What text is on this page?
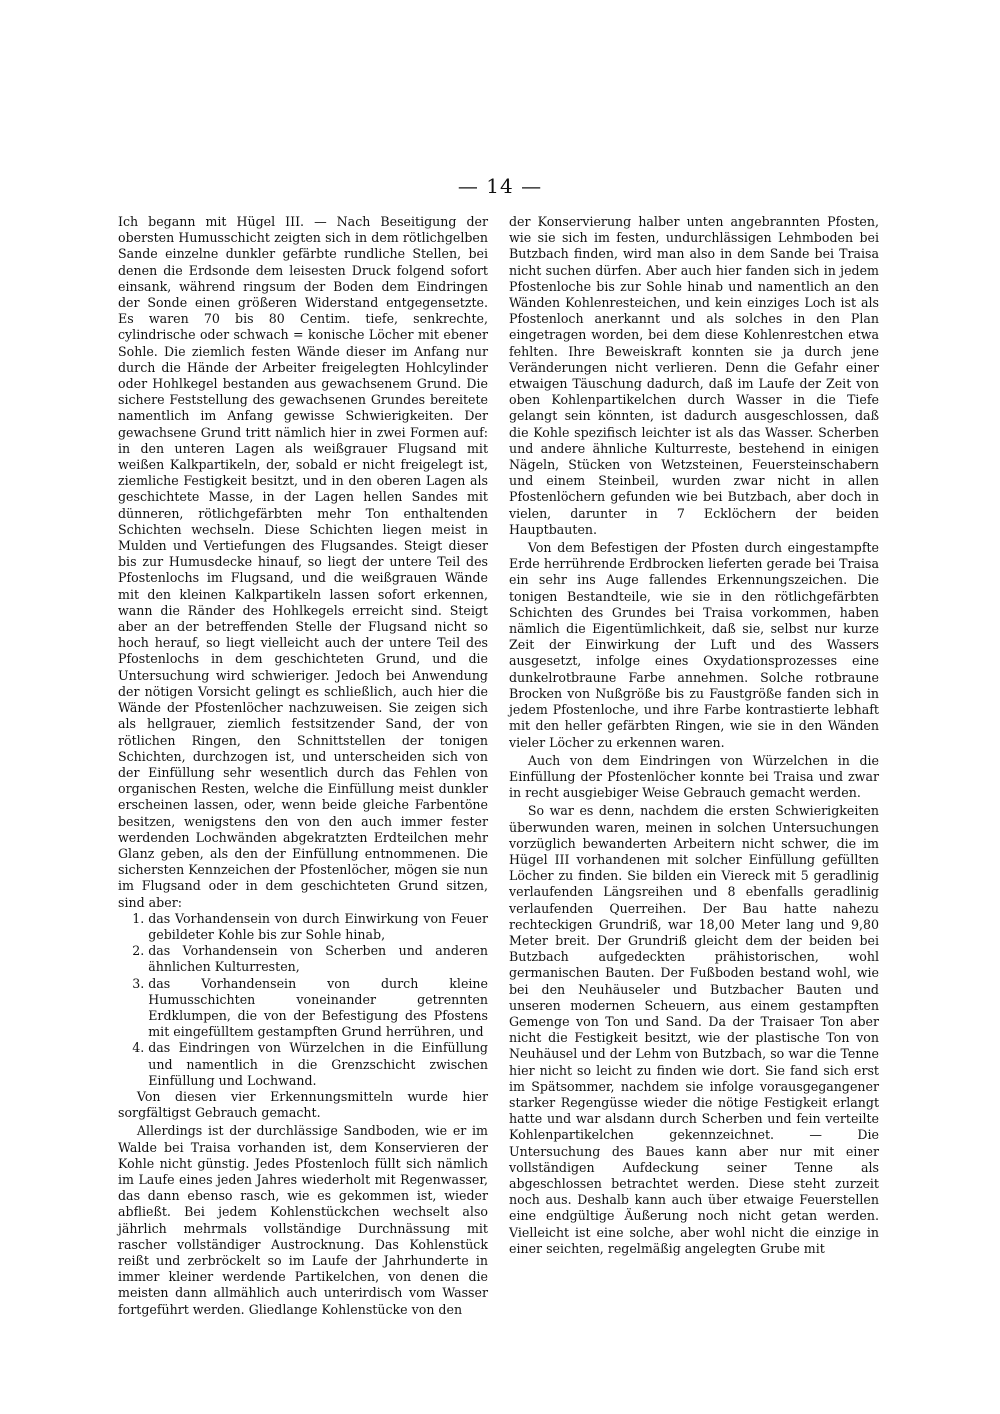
— 14 —

Ich begann mit Hügel III. — Nach Beseitigung der obersten Humusschicht zeigten sich in dem rötlichgelben Sande einzelne dunkler gefärbte rundliche Stellen, bei denen die Erdsonde dem leisesten Druck folgend sofort einsank, während ringsum der Boden dem Eindringen der Sonde einen größeren Widerstand entgegensetzte. Es waren 70 bis 80 Centim. tiefe, senkrechte, cylindrische oder schwach = konische Löcher mit ebener Sohle. Die ziemlich festen Wände dieser im Anfang nur durch die Hände der Arbeiter freigelegten Hohlcylinder oder Hohlkegel bestanden aus gewachsenem Grund. Die sichere Feststellung des gewachsenen Grundes bereitete namentlich im Anfang gewisse Schwierigkeiten. Der gewachsene Grund tritt nämlich hier in zwei Formen auf: in den unteren Lagen als weißgrauer Flugsand mit weißen Kalkpartikeln, der, sobald er nicht freigelegt ist, ziemliche Festigkeit besitzt, und in den oberen Lagen als geschichtete Masse, in der Lagen hellen Sandes mit dünneren, rötlichgefärbten mehr Ton enthaltenden Schichten wechseln. Diese Schichten liegen meist in Mulden und Vertiefungen des Flugsandes. Steigt dieser bis zur Humusdecke hinauf, so liegt der untere Teil des Pfostenlochs im Flugsand, und die weißgrauen Wände mit den kleinen Kalkpartikeln lassen sofort erkennen, wann die Ränder des Hohlkegels erreicht sind. Steigt aber an der betreffenden Stelle der Flugsand nicht so hoch herauf, so liegt vielleicht auch der untere Teil des Pfostenlochs in dem geschichteten Grund, und die Untersuchung wird schwieriger. Jedoch bei Anwendung der nötigen Vorsicht gelingt es schließlich, auch hier die Wände der Pfostenlöcher nachzuweisen. Sie zeigen sich als hellgrauer, ziemlich festsitzender Sand, der von rötlichen Ringen, den Schnittstellen der tonigen Schichten, durchzogen ist, und unterscheiden sich von der Einfüllung sehr wesentlich durch das Fehlen von organischen Resten, welche die Einfüllung meist dunkler erscheinen lassen, oder, wenn beide gleiche Farbentöne besitzen, wenigstens den von den auch immer fester werdenden Lochwänden abgekratzten Erdteilchen mehr Glanz geben, als den der Einfüllung entnommenen. Die sichersten Kennzeichen der Pfostenlöcher, mögen sie nun im Flugsand oder in dem geschichteten Grund sitzen, sind aber:

1. das Vorhandensein von durch Einwirkung von Feuer gebildeter Kohle bis zur Sohle hinab,
2. das Vorhandensein von Scherben und anderen ähnlichen Kulturresten,
3. das Vorhandensein von durch kleine Humusschichten voneinander getrennten Erdklumpen, die von der Befestigung des Pfostens mit eingefülltem gestampften Grund herrühren, und
4. das Eindringen von Würzelchen in die Einfüllung und namentlich in die Grenzschicht zwischen Einfüllung und Lochwand.

Von diesen vier Erkennungsmitteln wurde hier sorgfältigst Gebrauch gemacht.

Allerdings ist der durchlässige Sandboden, wie er im Walde bei Traisa vorhanden ist, dem Konservieren der Kohle nicht günstig. Jedes Pfostenloch füllt sich nämlich im Laufe eines jeden Jahres wiederholt mit Regenwasser, das dann ebenso rasch, wie es gekommen ist, wieder abfließt. Bei jedem Kohlenstückchen wechselt also jährlich mehrmals vollständige Durchnässung mit rascher vollständiger Austrocknung. Das Kohlenstück reißt und zerbröckelt so im Laufe der Jahrhunderte in immer kleiner werdende Partikelchen, von denen die meisten dann allmählich auch unterirdisch vom Wasser fortgeführt werden. Gliedlange Kohlenstücke von den

der Konservierung halber unten angebrannten Pfosten, wie sie sich im festen, undurchlässigen Lehmboden bei Butzbach finden, wird man also in dem Sande bei Traisa nicht suchen dürfen. Aber auch hier fanden sich in jedem Pfostenloche bis zur Sohle hinab und namentlich an den Wänden Kohlenresteichen, und kein einziges Loch ist als Pfostenloch anerkannt und als solches in den Plan eingetragen worden, bei dem diese Kohlenrestchen etwa fehlten. Ihre Beweiskraft konnten sie ja durch jene Veränderungen nicht verlieren. Denn die Gefahr einer etwaigen Täuschung dadurch, daß im Laufe der Zeit von oben Kohlenpartikelchen durch Wasser in die Tiefe gelangt sein könnten, ist dadurch ausgeschlossen, daß die Kohle spezifisch leichter ist als das Wasser. Scherben und andere ähnliche Kulturreste, bestehend in einigen Nägeln, Stücken von Wetzsteinen, Feuersteinschabern und einem Steinbeil, wurden zwar nicht in allen Pfostenlöchern gefunden wie bei Butzbach, aber doch in vielen, darunter in 7 Ecklöchern der beiden Hauptbauten.

Von dem Befestigen der Pfosten durch eingestampfte Erde herrührende Erdbrocken lieferten gerade bei Traisa ein sehr ins Auge fallendes Erkennungszeichen. Die tonigen Bestandteile, wie sie in den rötlichgefärbten Schichten des Grundes bei Traisa vorkommen, haben nämlich die Eigentümlichkeit, daß sie, selbst nur kurze Zeit der Einwirkung der Luft und des Wassers ausgesetzt, infolge eines Oxydationsprozesses eine dunkelrotbraune Farbe annehmen. Solche rotbraune Brocken von Nußgröße bis zu Faustgröße fanden sich in jedem Pfostenloche, und ihre Farbe kontrastierte lebhaft mit den heller gefärbten Ringen, wie sie in den Wänden vieler Löcher zu erkennen waren.

Auch von dem Eindringen von Würzelchen in die Einfüllung der Pfostenlöcher konnte bei Traisa und zwar in recht ausgiebiger Weise Gebrauch gemacht werden.

So war es denn, nachdem die ersten Schwierigkeiten überwunden waren, meinen in solchen Untersuchungen vorzüglich bewanderten Arbeitern nicht schwer, die im Hügel III vorhandenen mit solcher Einfüllung gefüllten Löcher zu finden. Sie bilden ein Viereck mit 5 geradlinig verlaufenden Längsreihen und 8 ebenfalls geradlinig verlaufenden Querreihen. Der Bau hatte nahezu rechteckigen Grundriß, war 18,00 Meter lang und 9,80 Meter breit. Der Grundriß gleicht dem der beiden bei Butzbach aufgedeckten prähistorischen, wohl germanischen Bauten. Der Fußboden bestand wohl, wie bei den Neuhäuseler und Butzbacher Bauten und unseren modernen Scheuern, aus einem gestampften Gemenge von Ton und Sand. Da der Traisaer Ton aber nicht die Festigkeit besitzt, wie der plastische Ton von Neuhäusel und der Lehm von Butzbach, so war die Tenne hier nicht so leicht zu finden wie dort. Sie fand sich erst im Spätsommer, nachdem sie infolge vorausgegangener starker Regengüsse wieder die nötige Festigkeit erlangt hatte und war alsdann durch Scherben und fein verteilte Kohlenpartikelchen gekennzeichnet. — Die Untersuchung des Baues kann aber nur mit einer vollständigen Aufdeckung seiner Tenne als abgeschlossen betrachtet werden. Diese steht zurzeit noch aus. Deshalb kann auch über etwaige Feuerstellen eine endgültige Äußerung noch nicht getan werden. Vielleicht ist eine solche, aber wohl nicht die einzige in einer seichten, regelmäßig angelegten Grube mit
